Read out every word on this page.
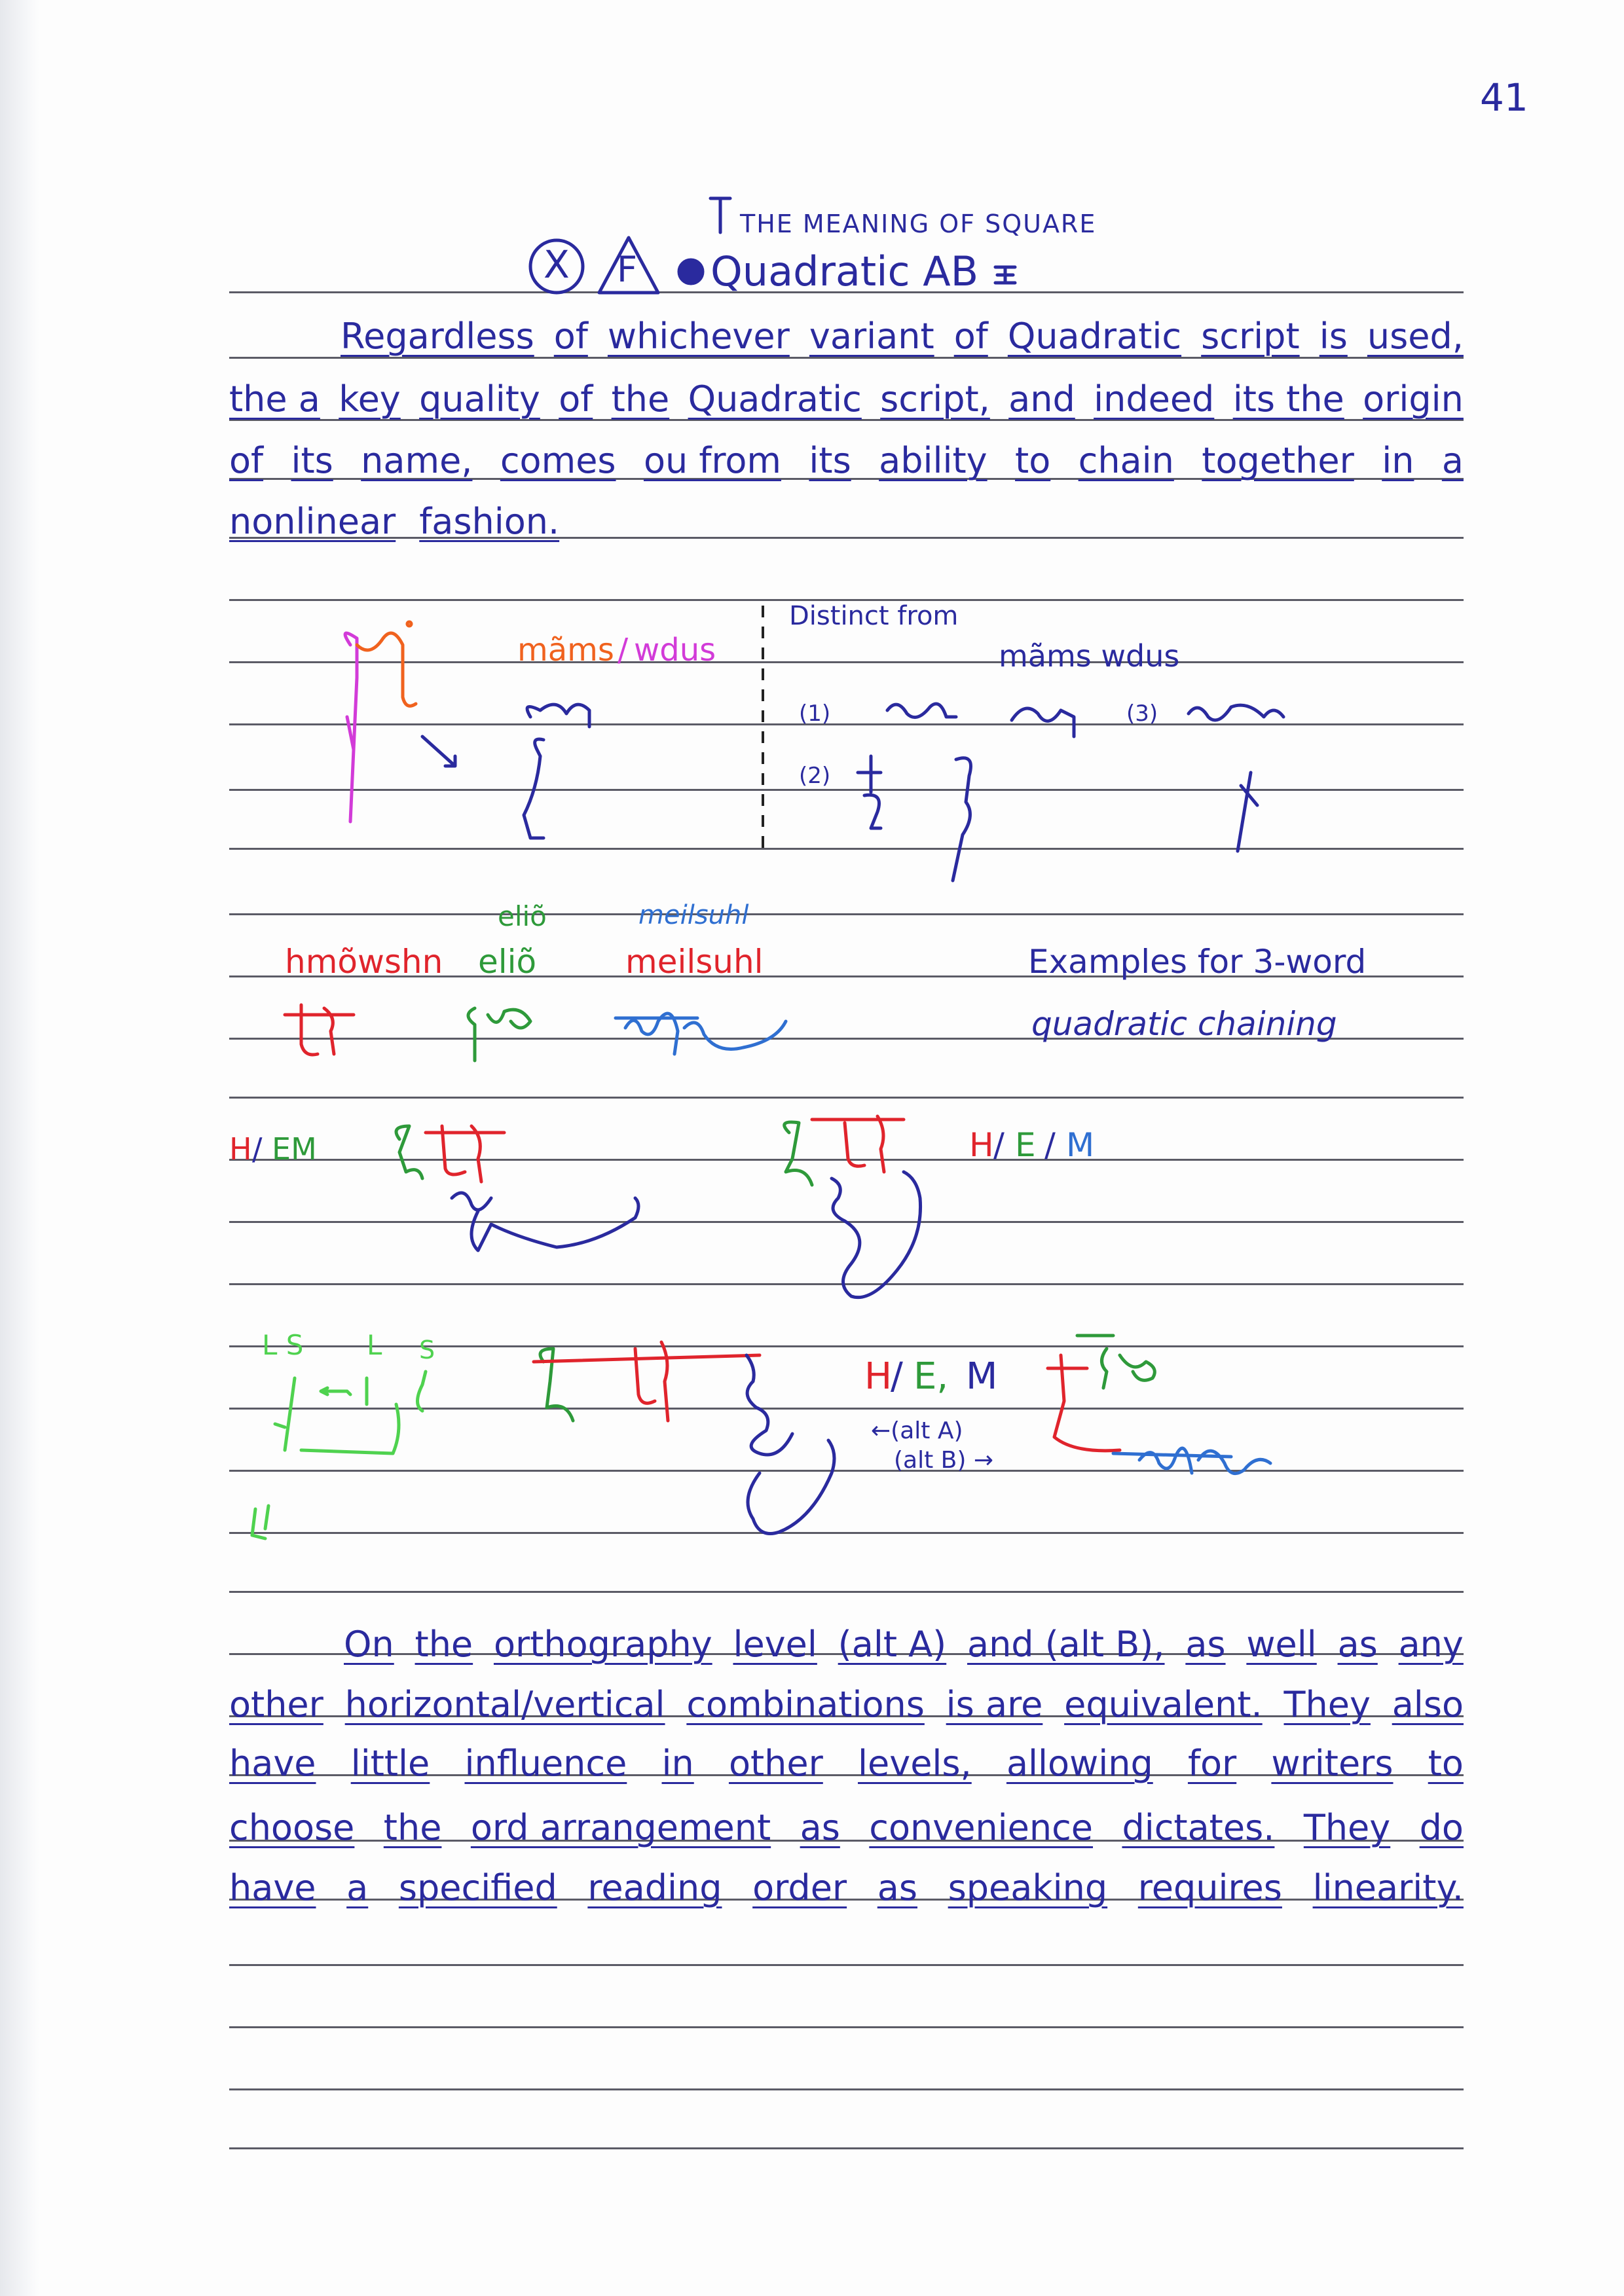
41
THE MEANING OF SQUARE
X F Quadratic AB
Regardless of whichever variant of Quadratic script is used,
the a key quality of the Quadratic script, and indeed its the origin
of its name, comes ou from its ability to chain together in a
nonlinear fashion.
mãms / wdus
Distinct from
mãms wdus
(1)	(3)
(2)
eliõ	meilsuhl
hmõwshn eliõ	meilsuhl	Examples for 3-word
quadratic chaining
H / EM	H / E / M
L S L S
H
/ E, M
←(alt A)
(alt B) →
On the orthography level (alt A) and (alt B), as well as any
other horizontal/vertical combinations is are equivalent. They also
have little influence in other levels, allowing for writers to
choose the ord arrangement as convenience dictates. They do
have a specified reading order as speaking requires linearity.
